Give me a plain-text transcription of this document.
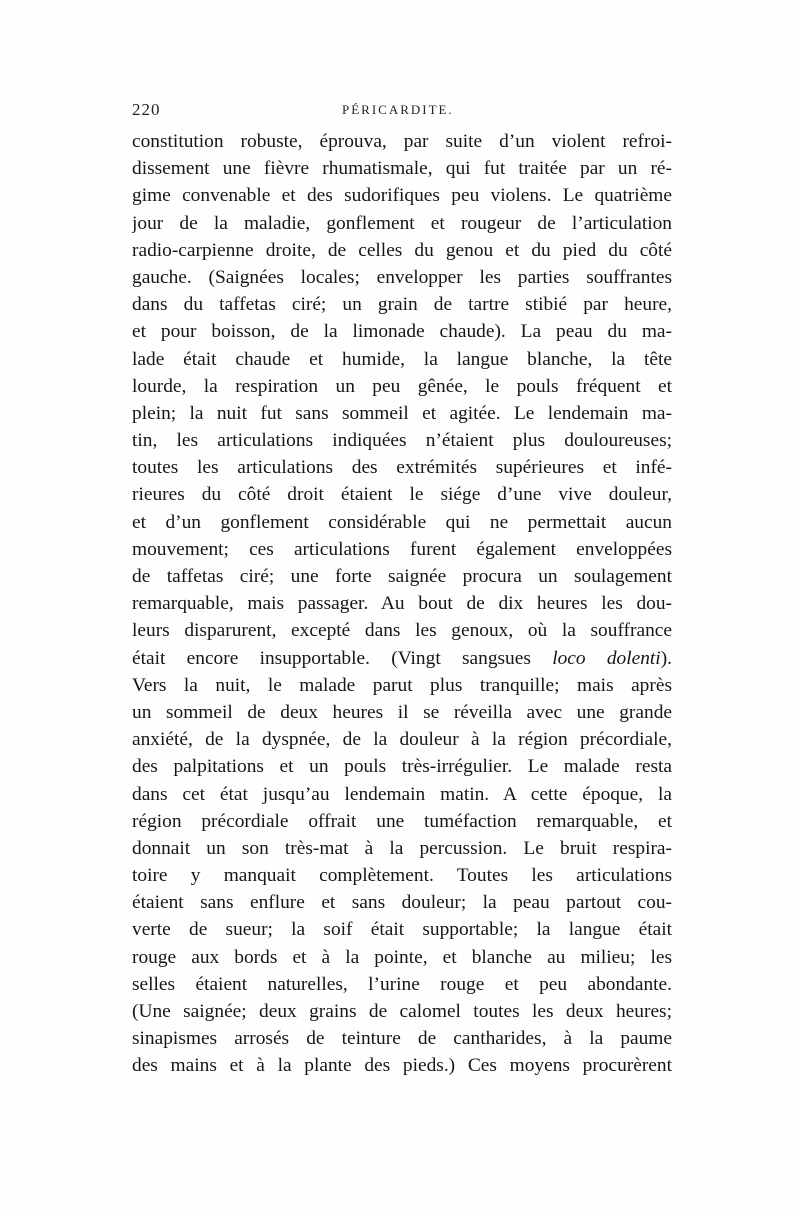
220	PÉRICARDITE.
constitution robuste, éprouva, par suite d’un violent refroi-
dissement une fièvre rhumatismale, qui fut traitée par un ré-
gime convenable et des sudorifiques peu violens. Le quatrième
jour de la maladie, gonflement et rougeur de l’articulation
radio-carpienne droite, de celles du genou et du pied du côté
gauche. (Saignées locales; envelopper les parties souffrantes
dans du taffetas ciré; un grain de tartre stibié par heure,
et pour boisson, de la limonade chaude). La peau du ma-
lade était chaude et humide, la langue blanche, la tête
lourde, la respiration un peu gênée, le pouls fréquent et
plein; la nuit fut sans sommeil et agitée. Le lendemain ma-
tin, les articulations indiquées n’étaient plus douloureuses;
toutes les articulations des extrémités supérieures et infé-
rieures du côté droit étaient le siége d’une vive douleur,
et d’un gonflement considérable qui ne permettait aucun
mouvement; ces articulations furent également enveloppées
de taffetas ciré; une forte saignée procura un soulagement
remarquable, mais passager. Au bout de dix heures les dou-
leurs disparurent, excepté dans les genoux, où la souffrance
était encore insupportable. (Vingt sangsues loco dolenti).
Vers la nuit, le malade parut plus tranquille; mais après
un sommeil de deux heures il se réveilla avec une grande
anxiété, de la dyspnée, de la douleur à la région précordiale,
des palpitations et un pouls très-irrégulier. Le malade resta
dans cet état jusqu’au lendemain matin. A cette époque, la
région précordiale offrait une tuméfaction remarquable, et
donnait un son très-mat à la percussion. Le bruit respira-
toire y manquait complètement. Toutes les articulations
étaient sans enflure et sans douleur; la peau partout cou-
verte de sueur; la soif était supportable; la langue était
rouge aux bords et à la pointe, et blanche au milieu; les
selles étaient naturelles, l’urine rouge et peu abondante.
(Une saignée; deux grains de calomel toutes les deux heures;
sinapismes arrosés de teinture de cantharides, à la paume
des mains et à la plante des pieds.) Ces moyens procurèrent
